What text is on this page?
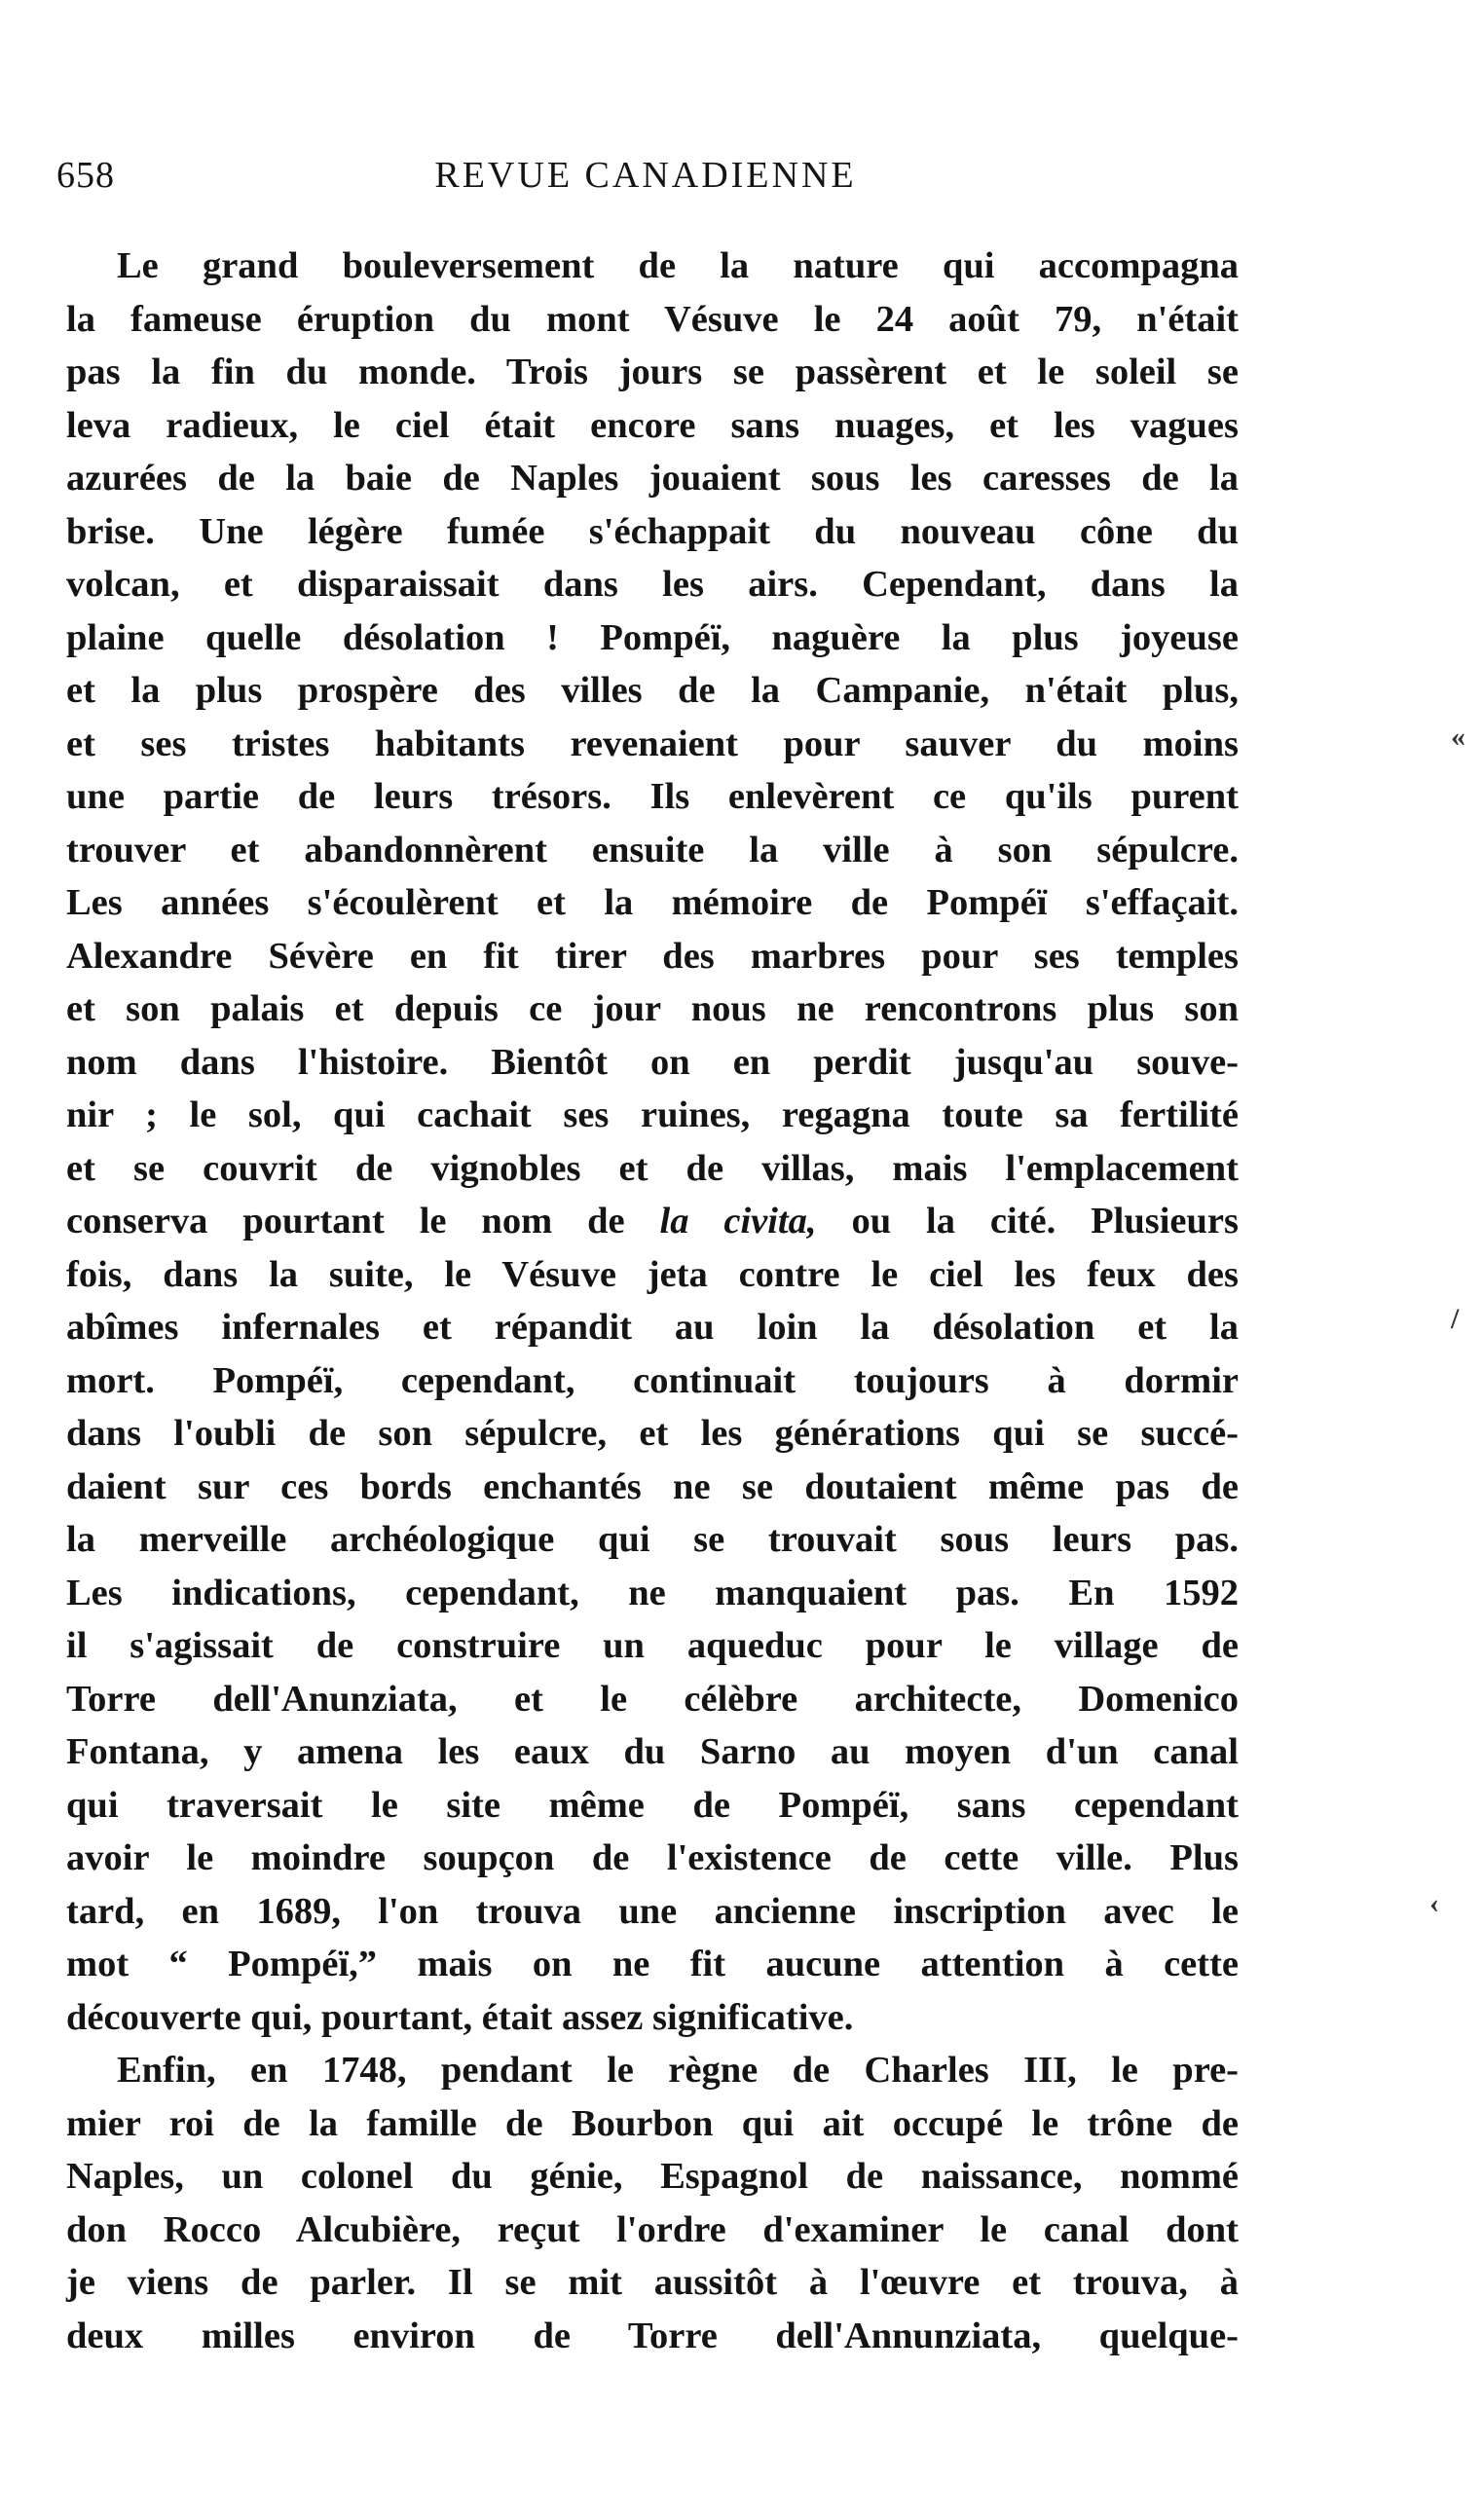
658	REVUE CANADIENNE
Le grand bouleversement de la nature qui accompagna
la fameuse éruption du mont Vésuve le 24 août 79, n'était
pas la fin du monde. Trois jours se passèrent et le soleil se
leva radieux, le ciel était encore sans nuages, et les vagues
azurées de la baie de Naples jouaient sous les caresses de la
brise. Une légère fumée s'échappait du nouveau cône du
volcan, et disparaissait dans les airs. Cependant, dans la
plaine quelle désolation ! Pompéï, naguère la plus joyeuse
et la plus prospère des villes de la Campanie, n'était plus,
et ses tristes habitants revenaient pour sauver du moins
une partie de leurs trésors. Ils enlevèrent ce qu'ils purent
trouver et abandonnèrent ensuite la ville à son sépulcre.
Les années s'écoulèrent et la mémoire de Pompéï s'effaçait.
Alexandre Sévère en fit tirer des marbres pour ses temples
et son palais et depuis ce jour nous ne rencontrons plus son
nom dans l'histoire. Bientôt on en perdit jusqu'au souve-
nir ; le sol, qui cachait ses ruines, regagna toute sa fertilité
et se couvrit de vignobles et de villas, mais l'emplacement
conserva pourtant le nom de la civita, ou la cité. Plusieurs
fois, dans la suite, le Vésuve jeta contre le ciel les feux des
abîmes infernales et répandit au loin la désolation et la
mort. Pompéï, cependant, continuait toujours à dormir
dans l'oubli de son sépulcre, et les générations qui se succé-
daient sur ces bords enchantés ne se doutaient même pas de
la merveille archéologique qui se trouvait sous leurs pas.
Les indications, cependant, ne manquaient pas. En 1592
il s'agissait de construire un aqueduc pour le village de
Torre dell'Anunziata, et le célèbre architecte, Domenico
Fontana, y amena les eaux du Sarno au moyen d'un canal
qui traversait le site même de Pompéï, sans cependant
avoir le moindre soupçon de l'existence de cette ville. Plus
tard, en 1689, l'on trouva une ancienne inscription avec le
mot “ Pompéï,” mais on ne fit aucune attention à cette
découverte qui, pourtant, était assez significative.
Enfin, en 1748, pendant le règne de Charles III, le pre-
mier roi de la famille de Bourbon qui ait occupé le trône de
Naples, un colonel du génie, Espagnol de naissance, nommé
don Rocco Alcubière, reçut l'ordre d'examiner le canal dont
je viens de parler. Il se mit aussitôt à l'œuvre et trouva, à
deux milles environ de Torre dell'Annunziata, quelque-
«
/
‹
